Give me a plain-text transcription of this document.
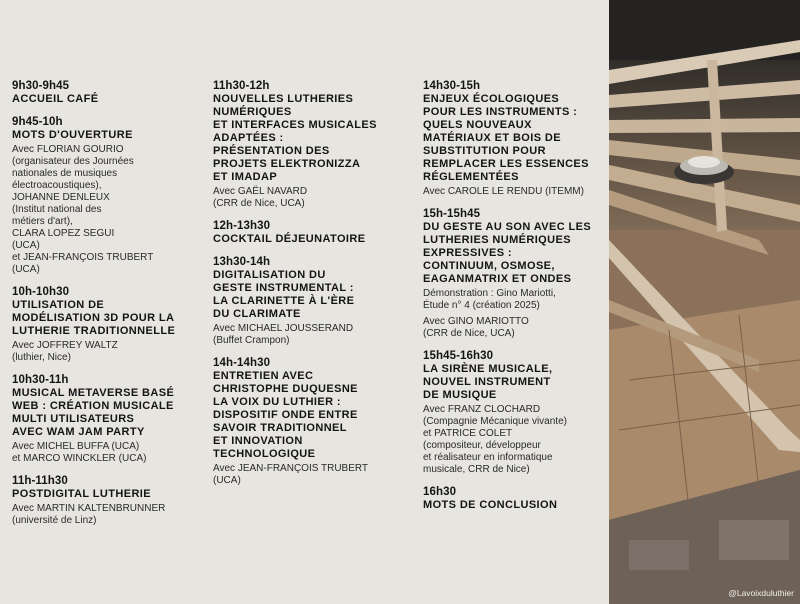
9h30-9h45
ACCUEIL CAFÉ
9h45-10h
MOTS D'OUVERTURE
Avec FLORIAN GOURIO
(organisateur des Journées
nationales de musiques
électroacoustiques),
JOHANNE DENLEUX
(Institut national des
métiers d'art),
CLARA LOPEZ SEGUI
(UCA)
et JEAN-FRANÇOIS TRUBERT
(UCA)
10h-10h30
UTILISATION DE
MODÉLISATION 3D POUR LA
LUTHERIE TRADITIONNELLE
Avec JOFFREY WALTZ
(luthier, Nice)
10h30-11h
MUSICAL METAVERSE BASÉ
WEB : CRÉATION MUSICALE
MULTI UTILISATEURS
AVEC WAM JAM PARTY
Avec MICHEL BUFFA (UCA)
et MARCO WINCKLER (UCA)
11h-11h30
POSTDIGITAL LUTHERIE
Avec MARTIN KALTENBRUNNER
(université de Linz)
11h30-12h
NOUVELLES LUTHERIES
NUMÉRIQUES
ET INTERFACES MUSICALES
ADAPTÉES :
PRÉSENTATION DES
PROJETS ELEKTRONIZZA
ET IMADAP
Avec GAËL NAVARD
(CRR de Nice, UCA)
12h-13h30
COCKTAIL DÉJEUNATOIRE
13h30-14h
DIGITALISATION DU
GESTE INSTRUMENTAL :
LA CLARINETTE À L'ÈRE
DU CLARIMATE
Avec MICHAEL JOUSSERAND
(Buffet Crampon)
14h-14h30
ENTRETIEN AVEC
CHRISTOPHE DUQUESNE
LA VOIX DU LUTHIER :
DISPOSITIF ONDE ENTRE
SAVOIR TRADITIONNEL
ET INNOVATION
TECHNOLOGIQUE
Avec JEAN-FRANÇOIS TRUBERT
(UCA)
14h30-15h
ENJEUX ÉCOLOGIQUES
POUR LES INSTRUMENTS :
QUELS NOUVEAUX
MATÉRIAUX ET BOIS DE
SUBSTITUTION POUR
REMPLACER LES ESSENCES
RÉGLEMENTÉES
Avec CAROLE LE RENDU (ITEMM)
15h-15h45
DU GESTE AU SON AVEC LES
LUTHERIES NUMÉRIQUES
EXPRESSIVES :
CONTINUUM, OSMOSE,
EAGANMATRIX ET ONDES
Démonstration : Gino Mariotti,
Étude n° 4 (création 2025)
Avec GINO MARIOTTO
(CRR de Nice, UCA)
15h45-16h30
LA SIRÈNE MUSICALE,
NOUVEL INSTRUMENT
DE MUSIQUE
Avec FRANZ CLOCHARD
(Compagnie Mécanique vivante)
et PATRICE COLET
(compositeur, développeur
et réalisateur en informatique
musicale, CRR de Nice)
16h30
MOTS DE CONCLUSION
@Lavoixduluthier
